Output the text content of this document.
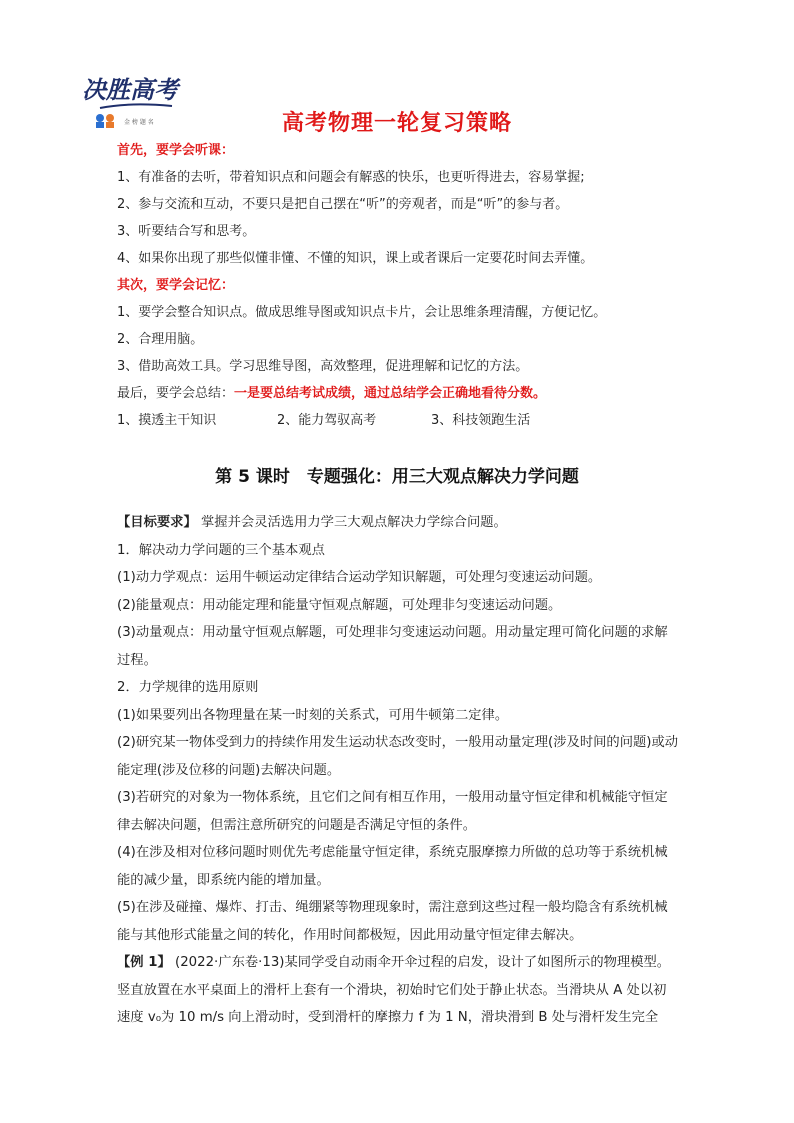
决胜高考
金 榜 题 名	高考物理一轮复习策略
首先，要学会听课：
1、有准备的去听，带着知识点和问题会有解惑的快乐，也更听得进去，容易掌握;
2、参与交流和互动，不要只是把自己摆在“听”的旁观者，而是“听”的参与者。
3、听要结合写和思考。
4、如果你出现了那些似懂非懂、不懂的知识，课上或者课后一定要花时间去弄懂。
其次，要学会记忆：
1、要学会整合知识点。做成思维导图或知识点卡片，会让思维条理清醒，方便记忆。
2、合理用脑。
3、借助高效工具。学习思维导图，高效整理，促进理解和记忆的方法。
最后，要学会总结：一是要总结考试成绩，通过总结学会正确地看待分数。
1、摸透主干知识	2、能力驾驭高考	3、科技领跑生活
第 5 课时　专题强化：用三大观点解决力学问题

【目标要求】 掌握并会灵活选用力学三大观点解决力学综合问题。

1．解决动力学问题的三个基本观点

(1)动力学观点：运用牛顿运动定律结合运动学知识解题，可处理匀变速运动问题。

(2)能量观点：用动能定理和能量守恒观点解题，可处理非匀变速运动问题。

(3)动量观点：用动量守恒观点解题，可处理非匀变速运动问题。用动量定理可简化问题的求解过程。

2．力学规律的选用原则

(1)如果要列出各物理量在某一时刻的关系式，可用牛顿第二定律。

(2)研究某一物体受到力的持续作用发生运动状态改变时，一般用动量定理(涉及时间的问题)或动能定理(涉及位移的问题)去解决问题。

(3)若研究的对象为一物体系统，且它们之间有相互作用，一般用动量守恒定律和机械能守恒定律去解决问题，但需注意所研究的问题是否满足守恒的条件。

(4)在涉及相对位移问题时则优先考虑能量守恒定律，系统克服摩擦力所做的总功等于系统机械能的减少量，即系统内能的增加量。

(5)在涉及碰撞、爆炸、打击、绳绷紧等物理现象时，需注意到这些过程一般均隐含有系统机械能与其他形式能量之间的转化，作用时间都极短，因此用动量守恒定律去解决。

【例 1】 (2022·广东卷·13)某同学受自动雨伞开伞过程的启发，设计了如图所示的物理模型。竖直放置在水平桌面上的滑杆上套有一个滑块，初始时它们处于静止状态。当滑块从 A 处以初速度 v₀为 10 m/s 向上滑动时，受到滑杆的摩擦力 f 为 1 N，滑块滑到 B 处与滑杆发生完全
